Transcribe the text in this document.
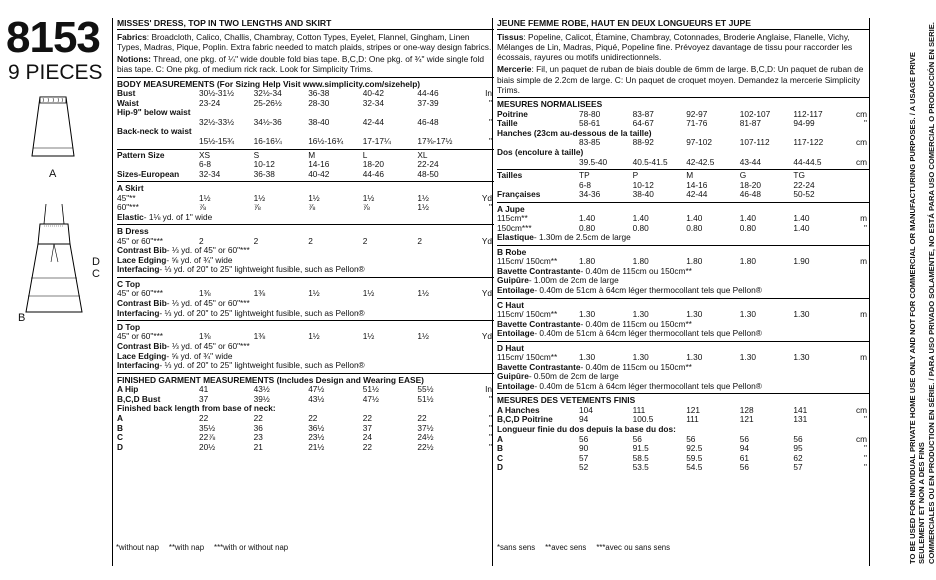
8153
9 PIECES
A
D
C
B
MISSES' DRESS, TOP IN TWO LENGTHS AND SKIRT
Fabrics: Broadcloth, Calico, Challis, Chambray, Cotton Types, Eyelet, Flannel, Gingham, Linen Types, Madras, Pique, Poplin. Extra fabric needed to match plaids, stripes or one-way design fabrics.
Notions: Thread, one pkg. of ¼" wide double fold bias tape. B,C,D: One pkg. of ¾" wide single fold bias tape. C: One pkg. of medium rick rack. Look for Simplicity Trims.
BODY MEASUREMENTS (For Sizing Help Visit www.simplicity.com/sizehelp)
Bust	30½-31½	32½-34	36-38	40-42	44-46	In
Waist	23-24	25-26½	28-30	32-34	37-39	"
Hip-9" below waist						
	32½-33½	34½-36	38-40	42-44	46-48	"
Back-neck to waist						
	15½-15¾	16-16¼	16½-16¾	17-17¼	17⅜-17½	"
Pattern Size	XS	S	M	L	XL	
	6-8	10-12	14-16	18-20	22-24	
Sizes-European	32-34	36-38	40-42	44-46	48-50	
A Skirt
45"**	1½	1½	1½	1½	1½	Yd
60"***	⅞	⅞	⅞	⅞	1½	"
Elastic- 1⅛ yd. of 1" wide
B Dress
45" or 60"***	2	2	2	2	2	Yd
Contrast Bib- ⅓ yd. of 45" or 60"***
Lace Edging- ⅝ yd. of ¾" wide
Interfacing- ⅓ yd. of 20" to 25" lightweight fusible, such as Pellon®
C Top
45" or 60"***	1⅜	1⅜	1½	1½	1½	Yd
Contrast Bib- ⅓ yd. of 45" or 60"***
Interfacing- ⅓ yd. of 20" to 25" lightweight fusible, such as Pellon®
D Top
45" or 60"***	1⅜	1⅜	1½	1½	1½	Yd
Contrast Bib- ⅓ yd. of 45" or 60"***
Lace Edging- ⅝ yd. of ¾" wide
Interfacing- ⅓ yd. of 20" to 25" lightweight fusible, such as Pellon®
FINISHED GARMENT MEASUREMENTS (Includes Design and Wearing EASE)
A Hip	41	43½	47½	51½	55½	In
B,C,D Bust	37	39½	43½	47½	51½	"
Finished back length from base of neck:						
A	22	22	22	22	22	"
B	35½	36	36½	37	37½	"
C	22⅞	23	23½	24	24½	"
D	20½	21	21½	22	22½	"
*without nap **with nap ***with or without nap
JEUNE FEMME ROBE, HAUT EN DEUX LONGUEURS ET JUPE
Tissus: Popeline, Calicot, Étamine, Chambray, Cotonnades, Broderie Anglaise, Flanelle, Vichy, Mélanges de Lin, Madras, Piqué, Popeline fine. Prévoyez davantage de tissu pour raccorder les écossais, rayures ou motifs unidirectionnels.
Mercerie: Fil, un paquet de ruban de biais double de 6mm de large. B,C,D: Un paquet de ruban de biais simple de 2.2cm de large. C: Un paquet de croquet moyen. Demandez la mercerie Simplicity Trims.
MESURES NORMALISEES
Poitrine	78-80	83-87	92-97	102-107	112-117	cm
Taille	58-61	64-67	71-76	81-87	94-99	"
Hanches (23cm au-dessous de la taille)						
	83-85	88-92	97-102	107-112	117-122	cm
Dos (encolure à taille)						
	39.5-40	40.5-41.5	42-42.5	43-44	44-44.5	cm
Tailles	TP	P	M	G	TG	
	6-8	10-12	14-16	18-20	22-24	
Françaises	34-36	38-40	42-44	46-48	50-52	
A Jupe
115cm**	1.40	1.40	1.40	1.40	1.40	m
150cm***	0.80	0.80	0.80	0.80	1.40	"
Elastique- 1.30m de 2.5cm de large
B Robe
115cm/ 150cm**	1.80	1.80	1.80	1.80	1.90	m
Bavette Contrastante- 0.40m de 115cm ou 150cm**
Guipûre- 1.00m de 2cm de large
Entoilage- 0.40m de 51cm à 64cm léger thermocollant tels que Pellon®
C Haut
115cm/ 150cm**	1.30	1.30	1.30	1.30	1.30	m
Bavette Contrastante- 0.40m de 115cm ou 150cm**
Entoilage- 0.40m de 51cm à 64cm léger thermocollant tels que Pellon®
D Haut
115cm/ 150cm**	1.30	1.30	1.30	1.30	1.30	m
Bavette Contrastante- 0.40m de 115cm ou 150cm**
Guipûre- 0.50m de 2cm de large
Entoilage- 0.40m de 51cm à 64cm léger thermocollant tels que Pellon®
MESURES DES VETEMENTS FINIS
A Hanches	104	111	121	128	141	cm
B,C,D Poitrine	94	100.5	111	121	131	"
Longueur finie du dos depuis la base du dos:						
A	56	56	56	56	56	cm
B	90	91.5	92.5	94	95	"
C	57	58.5	59.5	61	62	"
D	52	53.5	54.5	56	57	"
*sans sens **avec sens ***avec ou sans sens	TO BE USED FOR INDIVIDUAL PRIVATE HOME USE ONLY AND NOT FOR COMMERCIAL OR MANUFACTURING PURPOSES. / A USAGE PRIVE SEULEMENT ET NON A DES FINS COMMERCIALES OU EN PRODUCTION EN SÉRIE. / PARA USO PRIVADO SOLAMENTE, NO ESTÁ PARA USO COMERCIAL O PRODUCCIÓN EN SERIE.
